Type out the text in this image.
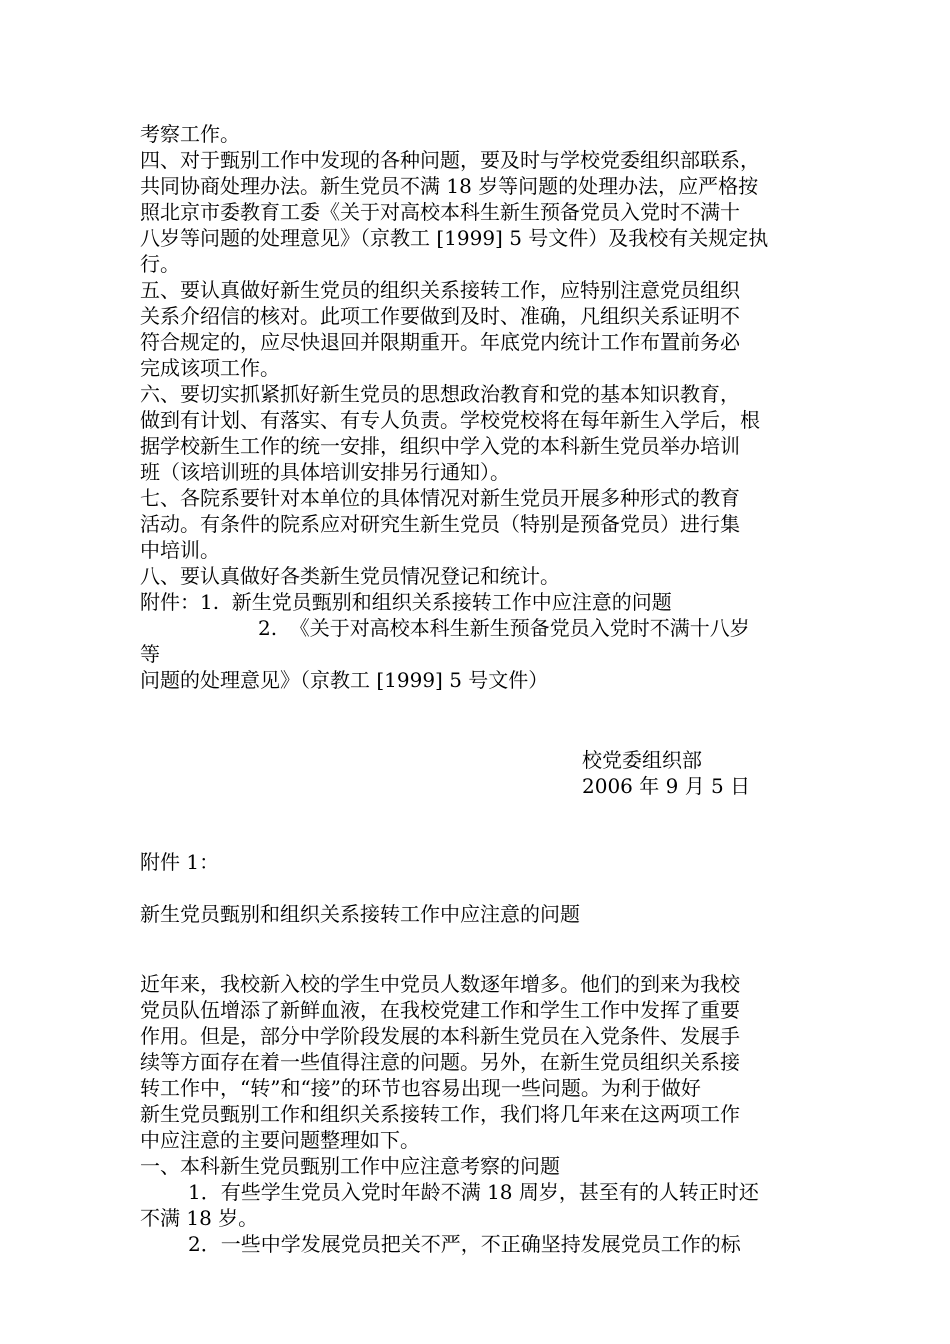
考察工作。
四、对于甄别工作中发现的各种问题，要及时与学校党委组织部联系，
共同协商处理办法。新生党员不满 18 岁等问题的处理办法，应严格按
照北京市委教育工委《关于对高校本科生新生预备党员入党时不满十
八岁等问题的处理意见》（京教工 [1999] 5 号文件）及我校有关规定执
行。
五、要认真做好新生党员的组织关系接转工作，应特别注意党员组织
关系介绍信的核对。此项工作要做到及时、准确，凡组织关系证明不
符合规定的，应尽快退回并限期重开。年底党内统计工作布置前务必
完成该项工作。
六、要切实抓紧抓好新生党员的思想政治教育和党的基本知识教育，
做到有计划、有落实、有专人负责。学校党校将在每年新生入学后，根
据学校新生工作的统一安排，组织中学入党的本科新生党员举办培训
班（该培训班的具体培训安排另行通知）。
七、各院系要针对本单位的具体情况对新生党员开展多种形式的教育
活动。有条件的院系应对研究生新生党员（特别是预备党员）进行集
中培训。
八、要认真做好各类新生党员情况登记和统计。
附件：1.  新生党员甄别和组织关系接转工作中应注意的问题
2.  《关于对高校本科生新生预备党员入党时不满十八岁
等
问题的处理意见》（京教工 [1999] 5 号文件）
校党委组织部
2006 年 9 月 5 日
附件 1：
新生党员甄别和组织关系接转工作中应注意的问题
近年来，我校新入校的学生中党员人数逐年增多。他们的到来为我校
党员队伍增添了新鲜血液，在我校党建工作和学生工作中发挥了重要
作用。但是，部分中学阶段发展的本科新生党员在入党条件、发展手
续等方面存在着一些值得注意的问题。另外，在新生党员组织关系接
转工作中，“转”和“接”的环节也容易出现一些问题。为利于做好
新生党员甄别工作和组织关系接转工作，我们将几年来在这两项工作
中应注意的主要问题整理如下。
一、本科新生党员甄别工作中应注意考察的问题
1．有些学生党员入党时年龄不满 18 周岁，甚至有的人转正时还
不满 18 岁。
2．一些中学发展党员把关不严，不正确坚持发展党员工作的标
